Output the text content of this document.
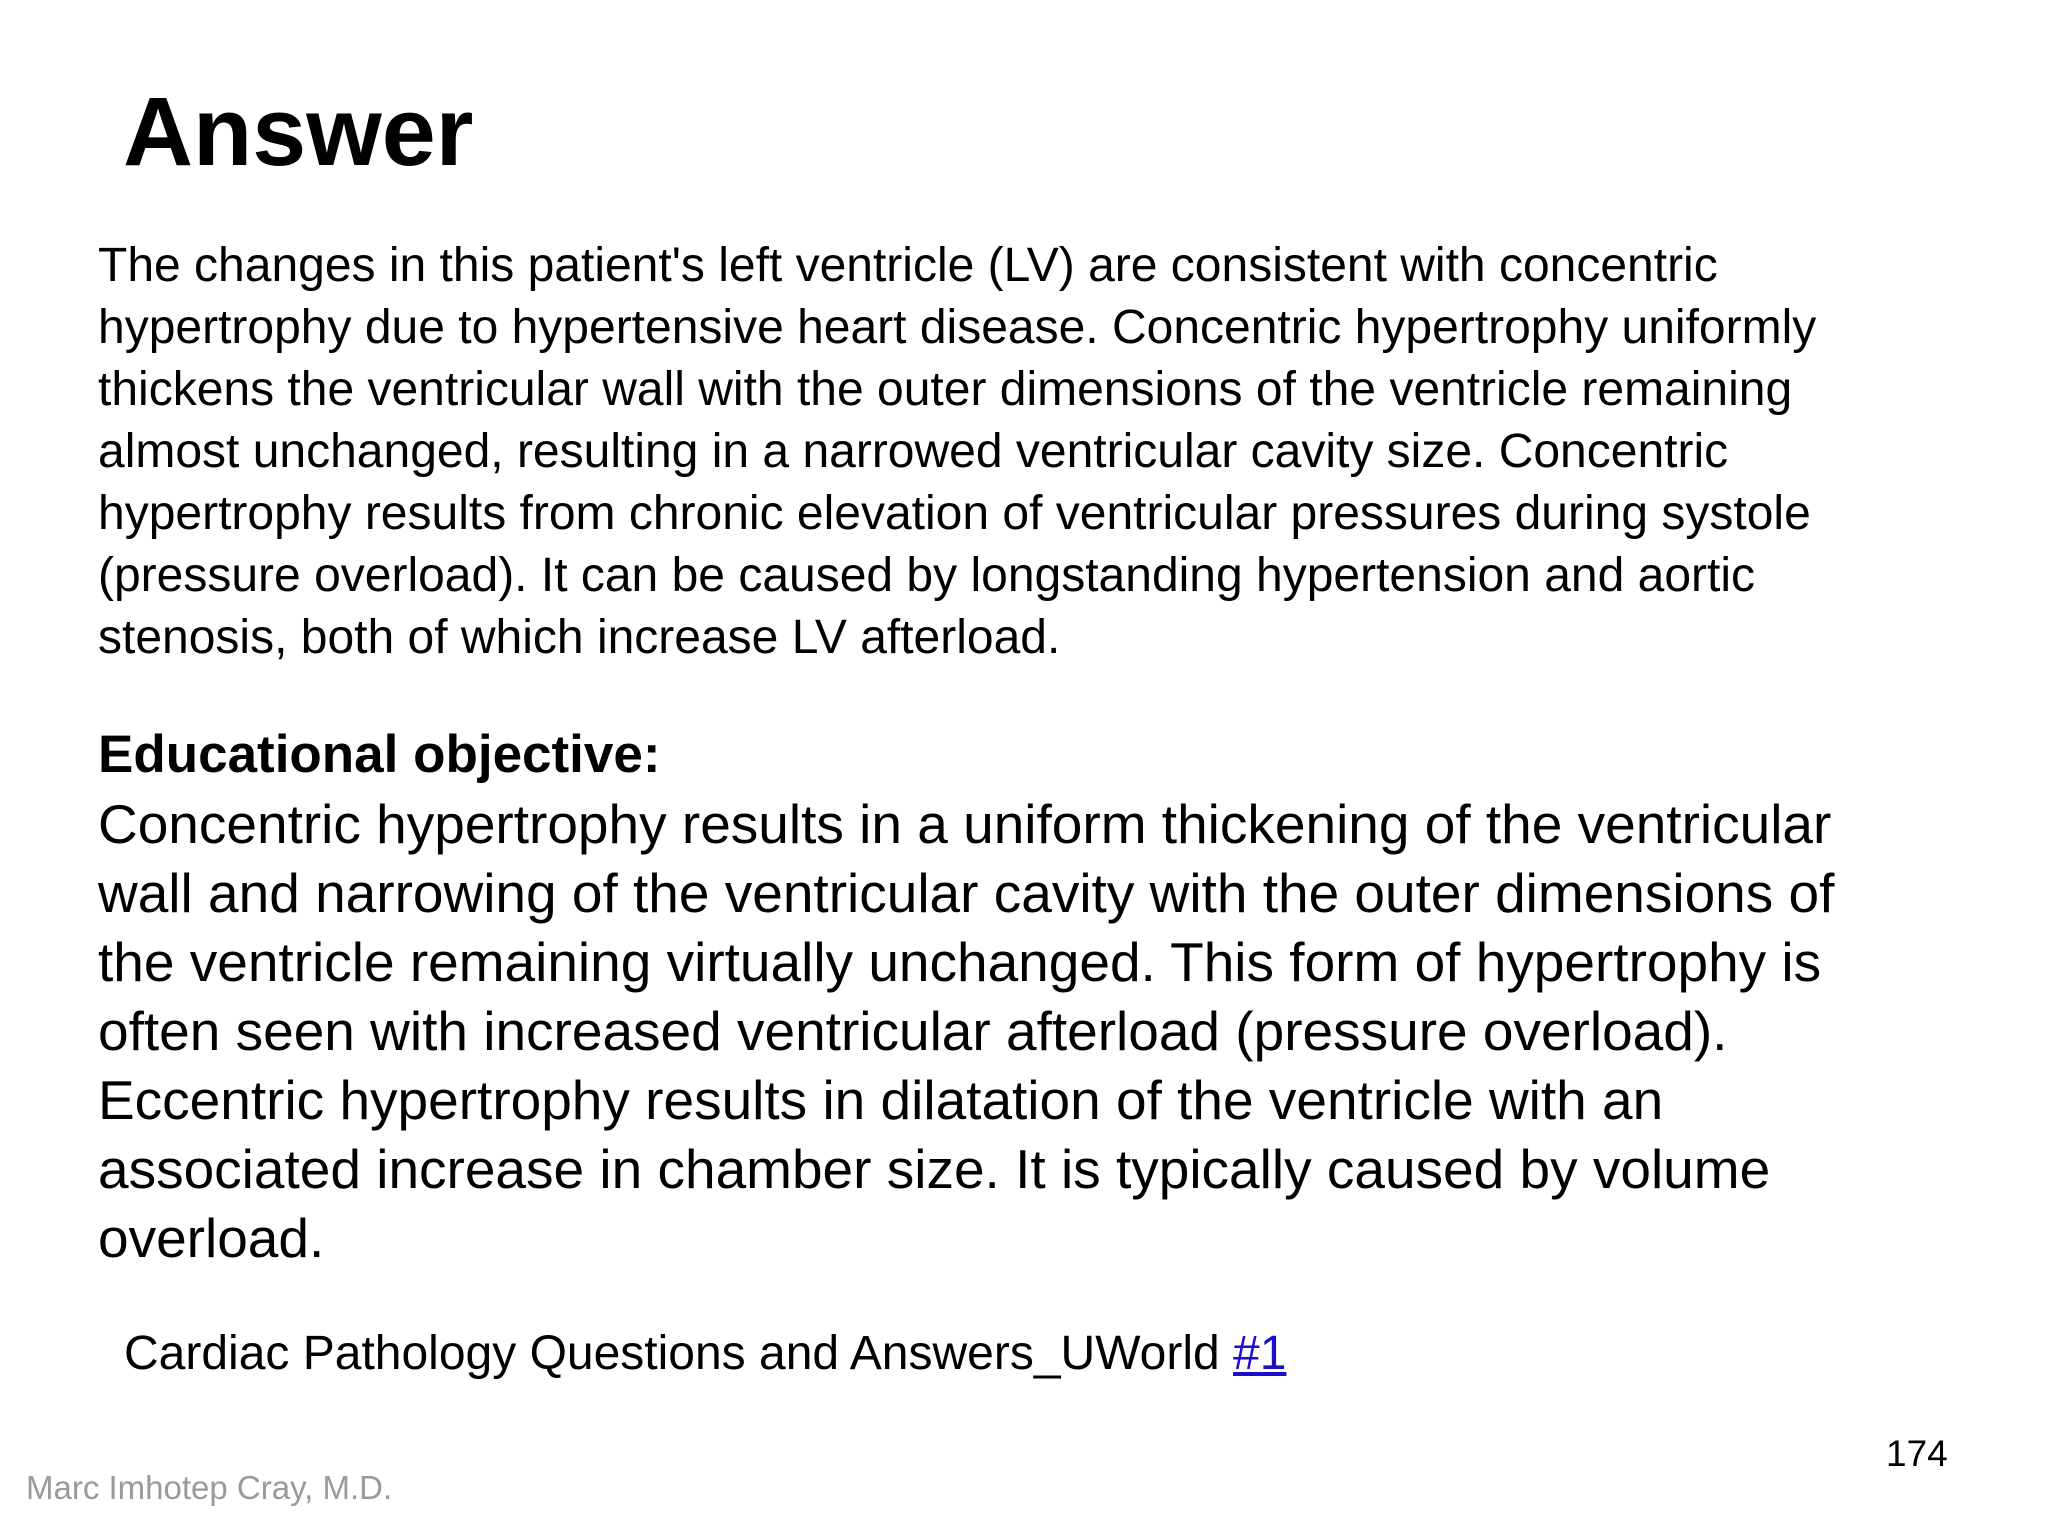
Answer

The changes in this patient's left ventricle (LV) are consistent with concentric
hypertrophy due to hypertensive heart disease. Concentric hypertrophy uniformly
thickens the ventricular wall with the outer dimensions of the ventricle remaining
almost unchanged, resulting in a narrowed ventricular cavity size. Concentric
hypertrophy results from chronic elevation of ventricular pressures during systole
(pressure overload). It can be caused by longstanding hypertension and aortic
stenosis, both of which increase LV afterload.

Educational objective:

Concentric hypertrophy results in a uniform thickening of the ventricular
wall and narrowing of the ventricular cavity with the outer dimensions of
the ventricle remaining virtually unchanged. This form of hypertrophy is
often seen with increased ventricular afterload (pressure overload).
Eccentric hypertrophy results in dilatation of the ventricle with an
associated increase in chamber size. It is typically caused by volume
overload.

Cardiac Pathology Questions and Answers_UWorld #1

174
Marc Imhotep Cray, M.D.
